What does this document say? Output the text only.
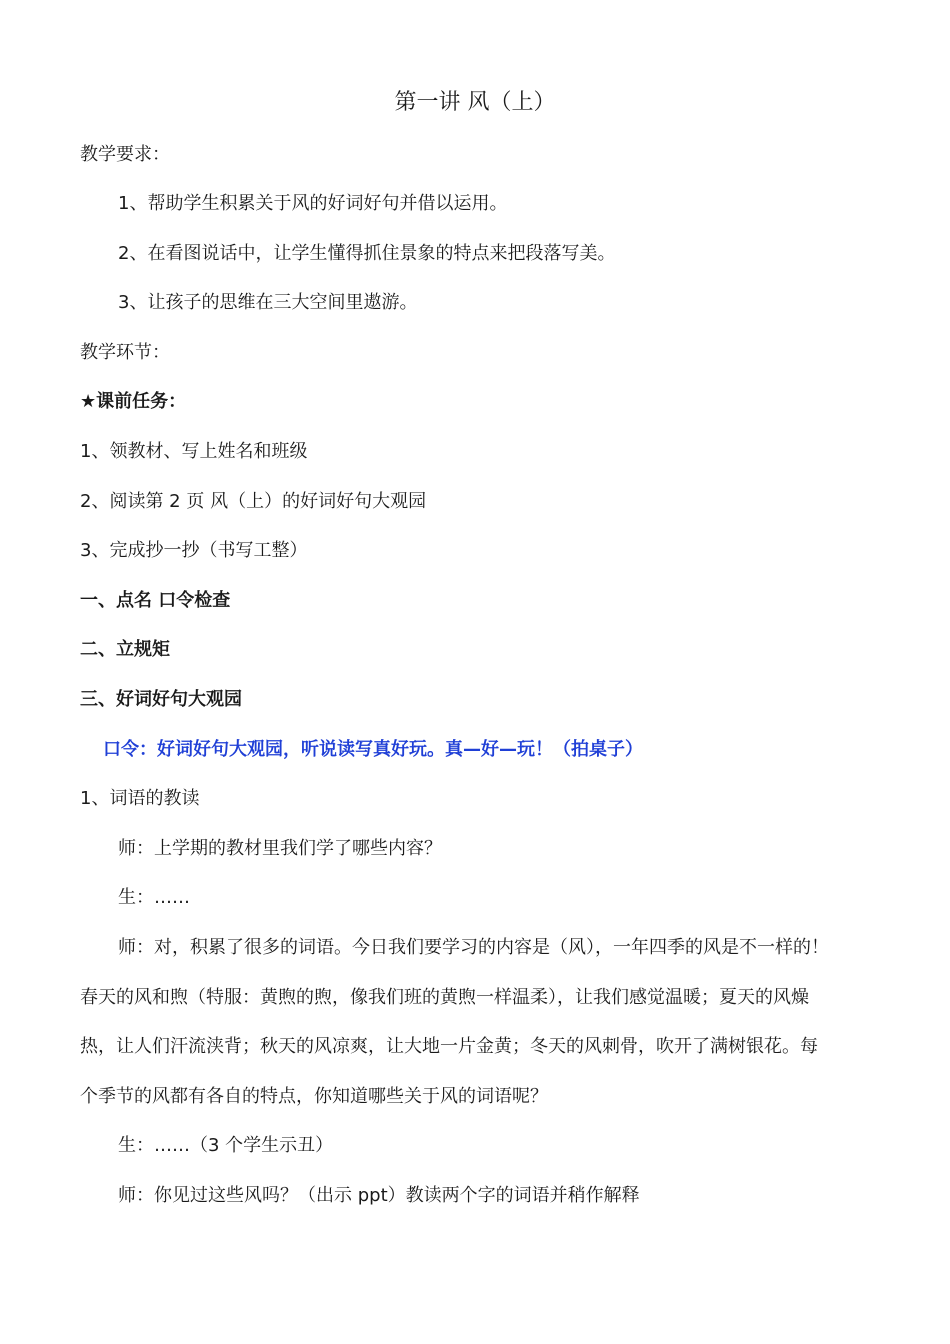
第一讲 风（上）
教学要求：
1、帮助学生积累关于风的好词好句并借以运用。
2、在看图说话中，让学生懂得抓住景象的特点来把段落写美。
3、让孩子的思维在三大空间里遨游。
教学环节：
★课前任务：
1、领教材、写上姓名和班级
2、阅读第 2 页 风（上）的好词好句大观园
3、完成抄一抄（书写工整）
一、点名 口令检查
二、立规矩
三、好词好句大观园
口令：好词好句大观园，听说读写真好玩。真—好—玩！（拍桌子）
1、词语的教读
师：上学期的教材里我们学了哪些内容？
生：……
师：对，积累了很多的词语。今日我们要学习的内容是（风），一年四季的风是不一样的！
春天的风和煦（特服：黄煦的煦，像我们班的黄煦一样温柔），让我们感觉温暖；夏天的风燥
热，让人们汗流浃背；秋天的风凉爽，让大地一片金黄；冬天的风刺骨，吹开了满树银花。每
个季节的风都有各自的特点，你知道哪些关于风的词语呢？
生：……（3 个学生示丑）
师：你见过这些风吗？（出示 ppt）教读两个字的词语并稍作解释
